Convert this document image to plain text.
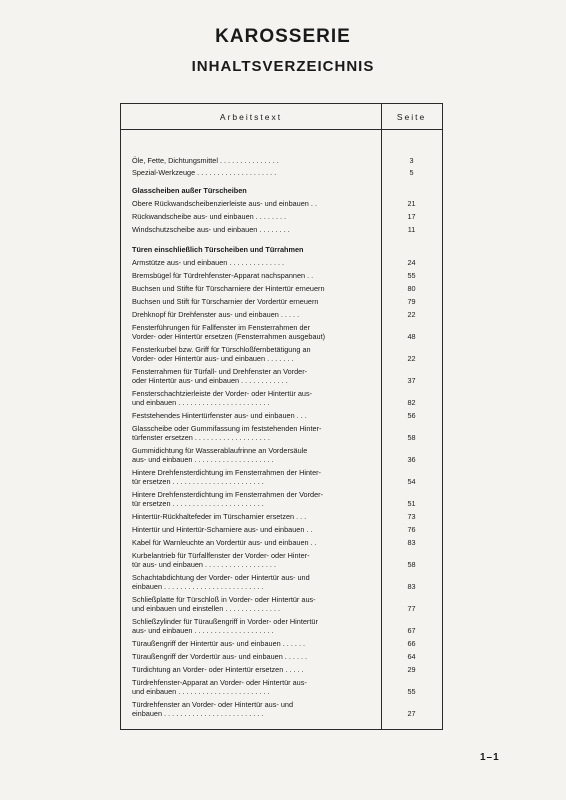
KAROSSERIE
INHALTSVERZEICHNIS
Arbeitstext	Seite
Öle, Fette, Dichtungsmittel . . . . . . . . . . . . . . .	3
Spezial-Werkzeuge . . . . . . . . . . . . . . . . . . . .	5
Glasscheiben außer Türscheiben
Obere Rückwandscheibenzierleiste aus- und einbauen . .	21
Rückwandscheibe aus- und einbauen . . . . . . . .	17
Windschutzscheibe aus- und einbauen . . . . . . . .	11
Türen einschließlich Türscheiben und Türrahmen
Armstütze aus- und einbauen . . . . . . . . . . . . . .	24
Bremsbügel für Türdrehfenster-Apparat nachspannen . .	55
Buchsen und Stifte für Türscharniere der Hintertür erneuern	80
Buchsen und Stift für Türscharnier der Vordertür erneuern	79
Drehknopf für Drehfenster aus- und einbauen . . . . .	22
Fensterführungen für Fallfenster im Fensterrahmen der
Vorder- oder Hintertür ersetzen (Fensterrahmen ausgebaut)	48
Fensterkurbel bzw. Griff für Türschloßfernbetätigung an
Vorder- oder Hintertür aus- und einbauen . . . . . . .	22
Fensterrahmen für Türfall- und Drehfenster an Vorder-
oder Hintertür aus- und einbauen . . . . . . . . . . . .	37
Fensterschachtzierleiste der Vorder- oder Hintertür aus-
und einbauen . . . . . . . . . . . . . . . . . . . . . . .	82
Feststehendes Hintertürfenster aus- und einbauen . . .	56
Glasscheibe oder Gummifassung im feststehenden Hinter-
türfenster ersetzen . . . . . . . . . . . . . . . . . . .	58
Gummidichtung für Wasserablaufrinne an Vordersäule
aus- und einbauen . . . . . . . . . . . . . . . . . . . .	36
Hintere Drehfensterdichtung im Fensterrahmen der Hinter-
tür ersetzen . . . . . . . . . . . . . . . . . . . . . . .	54
Hintere Drehfensterdichtung im Fensterrahmen der Vorder-
tür ersetzen . . . . . . . . . . . . . . . . . . . . . . .	51
Hintertür-Rückhaltefeder im Türscharnier ersetzen . . .	73
Hintertür und Hintertür-Scharniere aus- und einbauen . .	76
Kabel für Warnleuchte an Vordertür aus- und einbauen . .	83
Kurbelantrieb für Türfallfenster der Vorder- oder Hinter-
tür aus- und einbauen . . . . . . . . . . . . . . . . . .	58
Schachtabdichtung der Vorder- oder Hintertür aus- und
einbauen . . . . . . . . . . . . . . . . . . . . . . . . .	83
Schließplatte für Türschloß in Vorder- oder Hintertür aus-
und einbauen und einstellen . . . . . . . . . . . . . .	77
Schließzylinder für Türaußengriff in Vorder- oder Hintertür
aus- und einbauen . . . . . . . . . . . . . . . . . . . .	67
Türaußengriff der Hintertür aus- und einbauen . . . . . .	66
Türaußengriff der Vordertür aus- und einbauen . . . . . .	64
Türdichtung an Vorder- oder Hintertür ersetzen . . . . .	29
Türdrehfenster-Apparat an Vorder- oder Hintertür aus-
und einbauen . . . . . . . . . . . . . . . . . . . . . . .	55
Türdrehfenster an Vorder- oder Hintertür aus- und
einbauen . . . . . . . . . . . . . . . . . . . . . . . . .	27
1–1
